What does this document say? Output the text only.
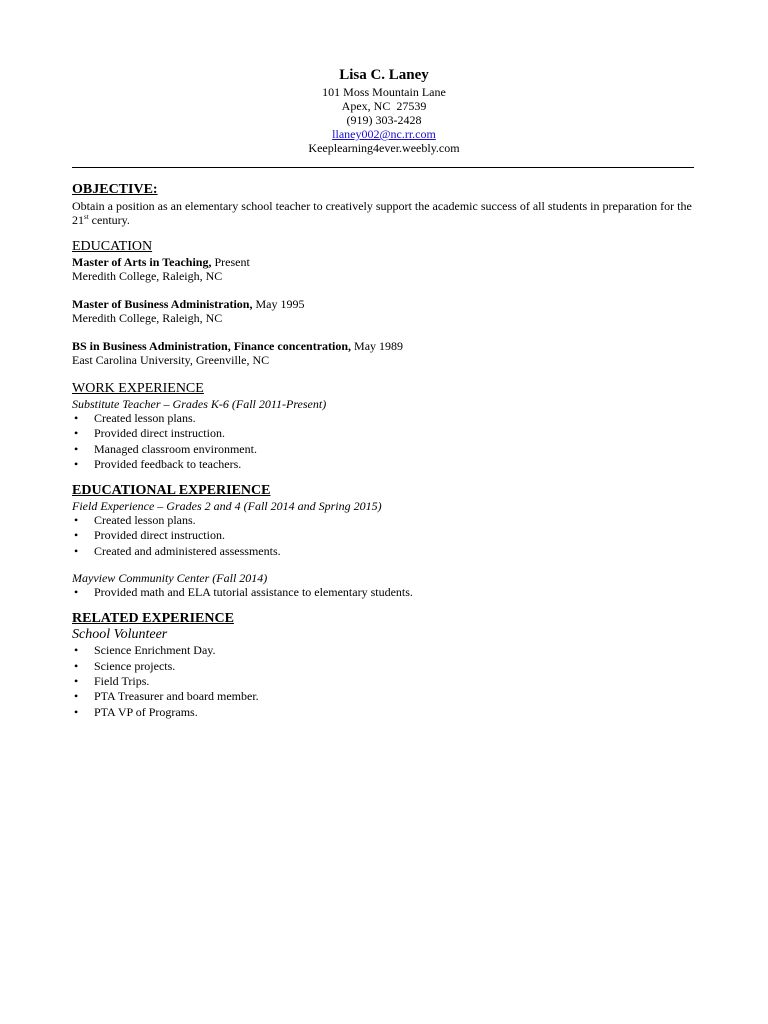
Lisa C. Laney
101 Moss Mountain Lane
Apex, NC  27539
(919) 303-2428
llaney002@nc.rr.com
Keeplearning4ever.weebly.com
OBJECTIVE:

Obtain a position as an elementary school teacher to creatively support the academic success of all students in preparation for the 21st century.

EDUCATION
Master of Arts in Teaching, Present
Meredith College, Raleigh, NC
Master of Business Administration, May 1995
Meredith College, Raleigh, NC
BS in Business Administration, Finance concentration, May 1989
East Carolina University, Greenville, NC
WORK EXPERIENCE
Substitute Teacher – Grades K-6 (Fall 2011-Present)
• Created lesson plans.
• Provided direct instruction.
• Managed classroom environment.
• Provided feedback to teachers.
EDUCATIONAL EXPERIENCE
Field Experience – Grades 2 and 4 (Fall 2014 and Spring 2015)
• Created lesson plans.
• Provided direct instruction.
• Created and administered assessments.
Mayview Community Center (Fall 2014)
• Provided math and ELA tutorial assistance to elementary students.
RELATED EXPERIENCE
School Volunteer
• Science Enrichment Day.
• Science projects.
• Field Trips.
• PTA Treasurer and board member.
• PTA VP of Programs.
